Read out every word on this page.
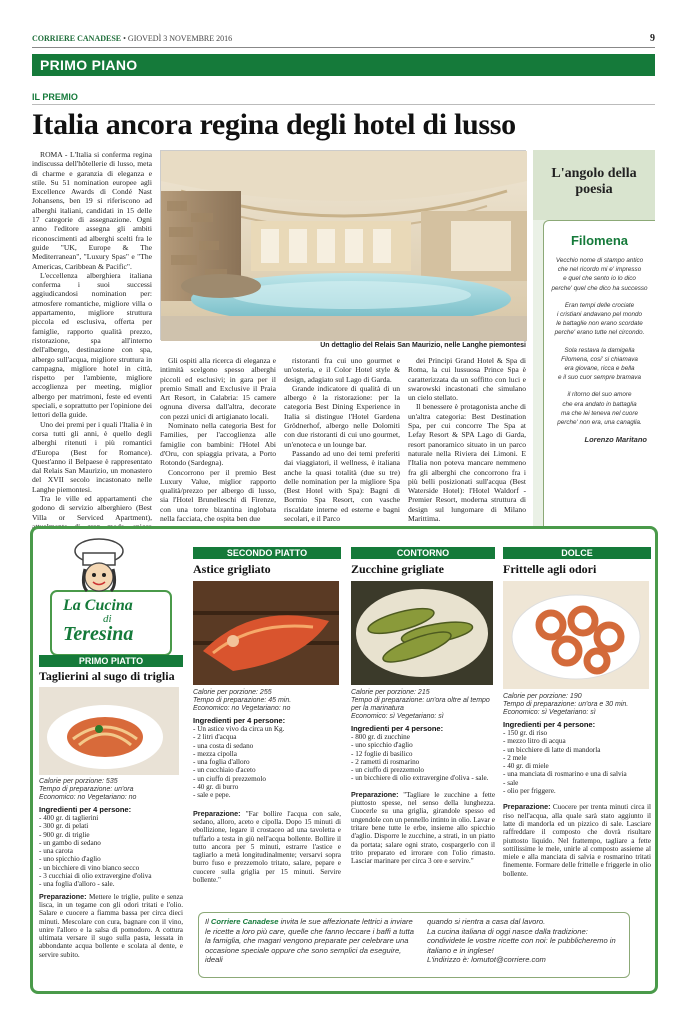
CORRIERE CANADESE • GIOVEDÌ 3 NOVEMBRE 2016	9
PRIMO PIANO
IL PREMIO
Italia ancora regina degli hotel di lusso

ROMA - L'Italia si conferma regina indiscussa dell'hôtellerie di lusso, meta di charme e garanzia di eleganza e stile. Su 51 nomination europee agli Excellence Awards di Condé Nast Johansens, ben 19 si riferiscono ad alberghi italiani, candidati in 15 delle 17 categorie di assegnazione. Ogni anno l'editore assegna gli ambiti riconoscimenti ad alberghi scelti fra le guide "UK, Europe & The Mediterranean", "Luxury Spas" e "The Americas, Caribbean & Pacific".

L'eccellenza alberghiera italiana conferma i suoi successi aggiudicandosi nomination per: atmosfere romantiche, migliore villa o appartamento, migliore struttura piccola ed esclusiva, offerta per famiglie, rapporto qualità prezzo, ristorazione, spa all'interno dell'albergo, destinazione con spa, albergo sull'acqua, migliore struttura in campagna, migliore hotel in città, rispetto per l'ambiente, migliore accoglienza per meeting, miglior albergo per matrimoni, feste ed eventi speciali, e soprattutto per l'opinione dei lettori della guide.

Uno dei premi per i quali l'Italia è in corsa tutti gli anni, è quello degli alberghi ritenuti i più romantici d'Europa (Best for Romance). Quest'anno il Belpaese è rappresentato dal Relais San Maurizio, un monastero del XVII secolo incastonato nelle Langhe piemontesi.

Tra le ville ed appartamenti che godono di servizio alberghiero (Best Villa or Serviced Apartment),

Un dettaglio del Relais San Maurizio, nelle Langhe piemontesi

Gli ospiti alla ricerca di eleganza e intimità scelgono spesso alberghi piccoli ed esclusivi; in gara per il premio Small and Exclusive il Praia Art Resort, in Calabria: 15 camere ognuna diversa dall'altra, decorate con pezzi unici di artigianato locali.

Nominato nella categoria Best for Families, per l'accoglienza alle famiglie con bambini: l'Hotel Abi d'Oru, con spiaggia privata, a Porto Rotondo (Sardegna).

Concorrono per il premio Best Luxury Value, miglior rapporto qualità/prezzo per albergo di lusso, sia l'Hotel Brunelleschi di Firenze, con una torre bizantina inglobata nella facciata, che ospita ben due

ristoranti fra cui uno gourmet e un'osteria, e il Color Hotel style & design, adagiato sul Lago di Garda.

Grande indicatore di qualità di un albergo è la ristorazione: per la categoria Best Dining Experience in Italia si distingue l'Hotel Gardena Grödnerhof, albergo nelle Dolomiti con due ristoranti di cui uno gourmet, un'enoteca e un lounge bar.

Passando ad uno dei temi preferiti dai viaggiatori, il wellness, è italiana anche la quasi totalità (due su tre) delle nomination per la migliore Spa (Best Hotel with Spa): Bagni di Bormio Spa Resort, con vasche riscaldate interne ed esterne e bagni secolari, e il Parco

dei Principi Grand Hotel & Spa di Roma, la cui lussuosa Prince Spa è caratterizzata da un soffitto con luci e swarowski incastonati che simulano un cielo stellato.

Il benessere è protagonista anche di un'altra categoria: Best Destination Spa, per cui concorre The Spa at Lefay Resort & SPA Lago di Garda, resort panoramico situato in un parco naturale nella Riviera dei Limoni. E l'Italia non poteva mancare nemmeno fra gli alberghi che concorrono fra i più belli posizionati sull'acqua (Best Waterside Hotel): l'Hotel Waldorf - Premier Resort, moderna struttura di design sul lungomare di Milano Marittima.

L'angolo della poesia
Filomena
Vecchio nome di stampo antico
che nel ricordo mi e' impresso
e quel che sento io lo dico
perche' quel che dico ha successo
Eran tempi delle crociate
i cristiani andavano pel mondo
le battaglie non erano scordate
perche' erano tutte nel circondo.
Sola restava la damigella
Filomena, cosi' si chiamava
era giovane, ricca e bella
e il suo cuor sempre bramava
il ritorno del suo amore
che era andato in battaglia
ma che lei teneva nel cuore
perche' non era, una canaglia.
Lorenzo Maritano
La Cucina
di
Teresina
PRIMO PIATTO
Taglierini al sugo di triglia
Calorie per porzione: 535
Tempo di preparazione: un'ora
Economico: no Vegetariano: no
Ingredienti per 4 persone:
- 400 gr. di taglierini
- 300 gr. di pelati
- 900 gr. di triglie
- un gambo di sedano
- una carota
- uno spicchio d'aglio
- un bicchiere di vino bianco secco
- 3 cucchiai di olio extravergine d'oliva
- una foglia d'alloro - sale.
Preparazione: Mettere le triglie, pulite e senza lisca, in un tegame con gli odori tritati e l'olio. Salare e cuocere a fiamma bassa per circa dieci minuti. Mescolare con cura, bagnare con il vino, unire l'alloro e la salsa di pomodoro. A cottura ultimata versare il sugo sulla pasta, lessata in abbondante acqua bollente e scolata al dente, e servire subito.
SECONDO PIATTO
Astice grigliato
Calorie per porzione: 255
Tempo di preparazione: 45 min.
Economico: no Vegetariano: no
Ingredienti per 4 persone:
- Un astice vivo da circa un Kg.
- 2 litri d'acqua
- una costa di sedano
- mezza cipolla
- una foglia d'alloro
- un cucchiaio d'aceto
- un ciuffo di prezzemolo
- 40 gr. di burro
- sale e pepe.
Preparazione: "Far bollire l'acqua con sale, sedano, alloro, aceto e cipolla. Dopo 15 minuti di ebollizione, legare il crostaceo ad una tavoletta e tuffarlo a testa in giù nell'acqua bollente. Bollire il tutto ancora per 5 minuti, estrarre l'astice e tagliarlo a metà longitudinalmente; versarvi sopra burro fuso e prezzemolo tritato, salare, pepare e cuocere sulla griglia per 15 minuti. Servire bollente."
CONTORNO
Zucchine grigliate
Calorie per porzione: 215
Tempo di preparazione: un'ora oltre al tempo per la marinatura
Economico: sì Vegetariano: sì
Ingredienti per 4 persone:
- 800 gr. di zucchine
- uno spicchio d'aglio
- 12 foglie di basilico
- 2 rametti di rosmarino
- un ciuffo di prezzemolo
- un bicchiere di olio extravergine d'oliva - sale.
Preparazione: "Tagliare le zucchine a fette piuttosto spesse, nel senso della lunghezza. Cuocerle su una griglia, girandole spesso ed ungendole con un pennello intinto in olio. Lavar e tritare bene tutte le erbe, insieme allo spicchio d'aglio. Disporre le zucchine, a strati, in un piatto da portata; salare ogni strato, cospargerlo con il trito preparato ed irrorare con l'olio rimasto. Lasciar marinare per circa 3 ore e servire."
DOLCE
Frittelle agli odori
Calorie per porzione: 190
Tempo di preparazione: un'ora e 30 min.
Economico: sì Vegetariano: sì
Ingredienti per 4 persone:
- 150 gr. di riso
- mezzo litro di acqua
- un bicchiere di latte di mandorla
- 2 mele
- 40 gr. di miele
- una manciata di rosmarino e una di salvia
- sale
- olio per friggere.
Preparazione: Cuocere per trenta minuti circa il riso nell'acqua, alla quale sarà stato aggiunto il latte di mandorla ed un pizzico di sale. Lasciare raffreddare il composto che dovrà risultare piuttosto liquido. Nel frattempo, tagliare a fette sottilissime le mele, unirle al composto assieme al miele e alla manciata di salvia e rosmarino tritati finemente. Formare delle frittelle e friggerle in olio bollente.
Il Corriere Canadese invita le sue affezionate lettrici a inviare le ricette a loro più care, quelle che fanno leccare i baffi a tutta la famiglia, che magari vengono preparate per celebrare una occasione speciale oppure che sono semplici da eseguire, ideali
quando si rientra a casa dal lavoro.
La cucina italiana di oggi nasce dalla tradizione: condividete le vostre ricette con noi: le pubblicheremo in italiano e in inglese!
L'indirizzo è: lomutot@corriere.com
